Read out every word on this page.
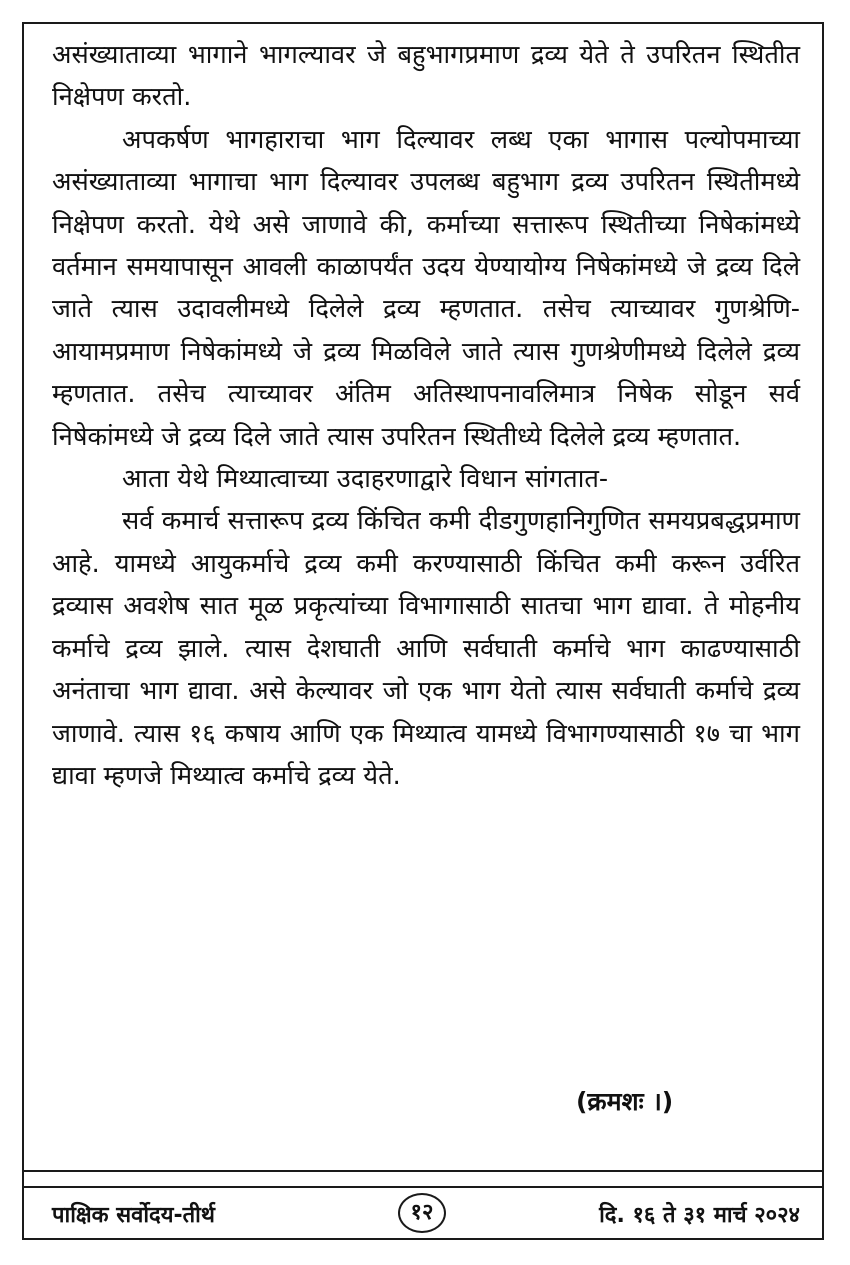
असंख्याताव्या भागाने भागल्यावर जे बहुभागप्रमाण द्रव्य येते ते उपरितन स्थितीत निक्षेपण करतो.

अपकर्षण भागहाराचा भाग दिल्यावर लब्ध एका भागास पल्योपमाच्या असंख्याताव्या भागाचा भाग दिल्यावर उपलब्ध बहुभाग द्रव्य उपरितन स्थितीमध्ये निक्षेपण करतो. येथे असे जाणावे की, कर्माच्या सत्तारूप स्थितीच्या निषेकांमध्ये वर्तमान समयापासून आवली काळापर्यंत उदय येण्यायोग्य निषेकांमध्ये जे द्रव्य दिले जाते त्यास उदावलीमध्ये दिलेले द्रव्य म्हणतात. तसेच त्याच्यावर गुणश्रेणि-आयामप्रमाण निषेकांमध्ये जे द्रव्य मिळविले जाते त्यास गुणश्रेणीमध्ये दिलेले द्रव्य म्हणतात. तसेच त्याच्यावर अंतिम अतिस्थापनावलिमात्र निषेक सोडून सर्व निषेकांमध्ये जे द्रव्य दिले जाते त्यास उपरितन स्थितीध्ये दिलेले द्रव्य म्हणतात.

आता येथे मिथ्यात्वाच्या उदाहरणाद्वारे विधान सांगतात-

सर्व कमार्च सत्तारूप द्रव्य किंचित कमी दीडगुणहानिगुणित समयप्रबद्धप्रमाण आहे. यामध्ये आयुकर्माचे द्रव्य कमी करण्यासाठी किंचित कमी करून उर्वरित द्रव्यास अवशेष सात मूळ प्रकृत्यांच्या विभागासाठी सातचा भाग द्यावा. ते मोहनीय कर्माचे द्रव्य झाले. त्यास देशघाती आणि सर्वघाती कर्माचे भाग काढण्यासाठी अनंताचा भाग द्यावा. असे केल्यावर जो एक भाग येतो त्यास सर्वघाती कर्माचे द्रव्य जाणावे. त्यास १६ कषाय आणि एक मिथ्यात्व यामध्ये विभागण्यासाठी १७ चा भाग द्यावा म्हणजे मिथ्यात्व कर्माचे द्रव्य येते.

(क्रमशः ।)
पाक्षिक सर्वोदय-तीर्थ	१२	दि. १६ ते ३१ मार्च २०२४
